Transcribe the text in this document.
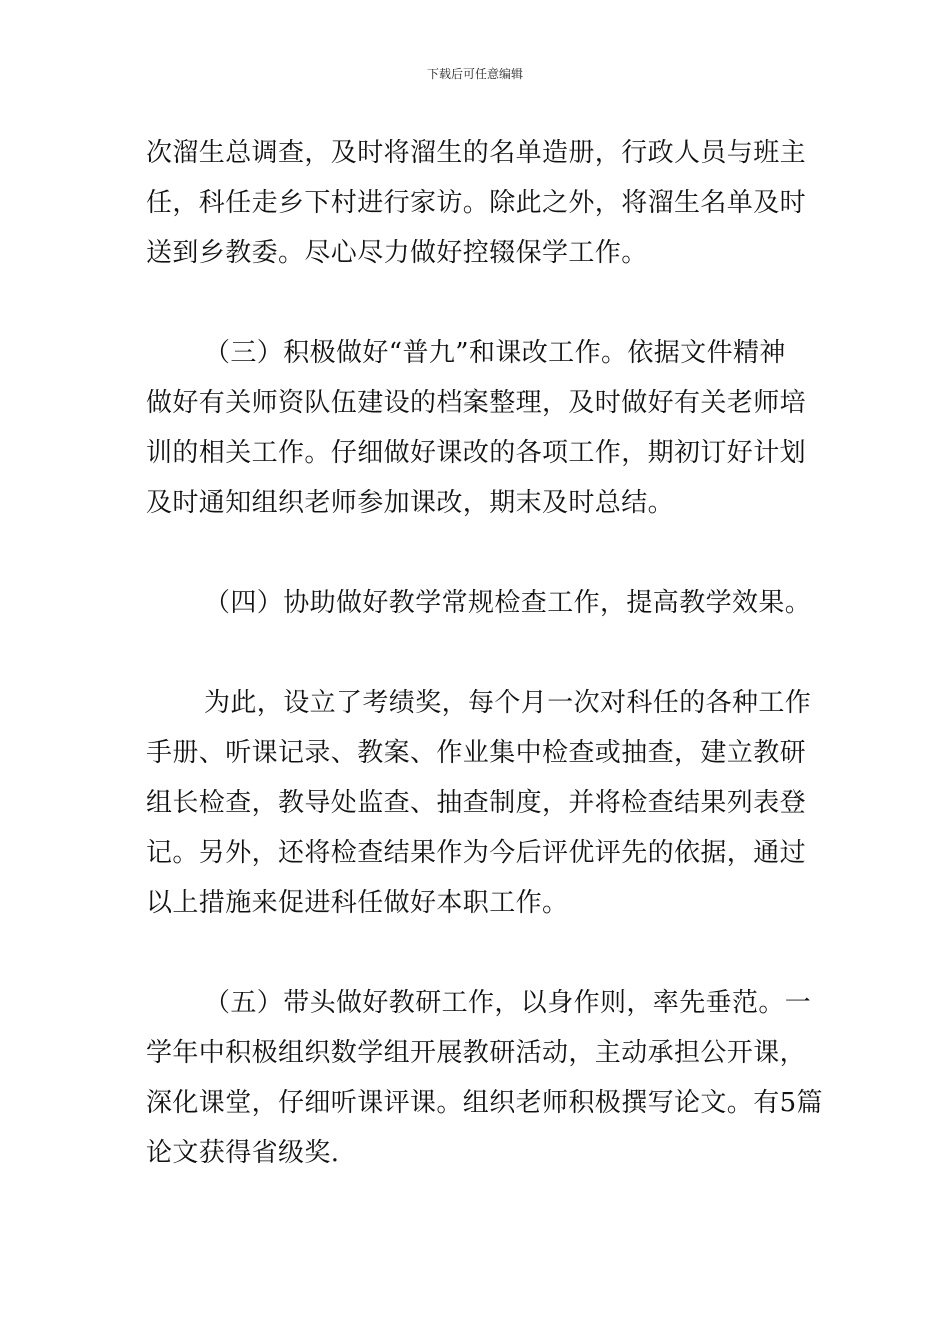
下载后可任意编辑
次溜生总调查，及时将溜生的名单造册，行政人员与班主
任，科任走乡下村进行家访。除此之外，将溜生名单及时
送到乡教委。尽心尽力做好控辍保学工作。
（三）积极做好“普九”和课改工作。依据文件精神
做好有关师资队伍建设的档案整理，及时做好有关老师培
训的相关工作。仔细做好课改的各项工作，期初订好计划
及时通知组织老师参加课改，期末及时总结。
（四）协助做好教学常规检查工作，提高教学效果。
为此，设立了考绩奖，每个月一次对科任的各种工作
手册、听课记录、教案、作业集中检查或抽查，建立教研
组长检查，教导处监查、抽查制度，并将检查结果列表登
记。另外，还将检查结果作为今后评优评先的依据，通过
以上措施来促进科任做好本职工作。
（五）带头做好教研工作，以身作则，率先垂范。一
学年中积极组织数学组开展教研活动，主动承担公开课，
深化课堂，仔细听课评课。组织老师积极撰写论文。有5篇
论文获得省级奖.
